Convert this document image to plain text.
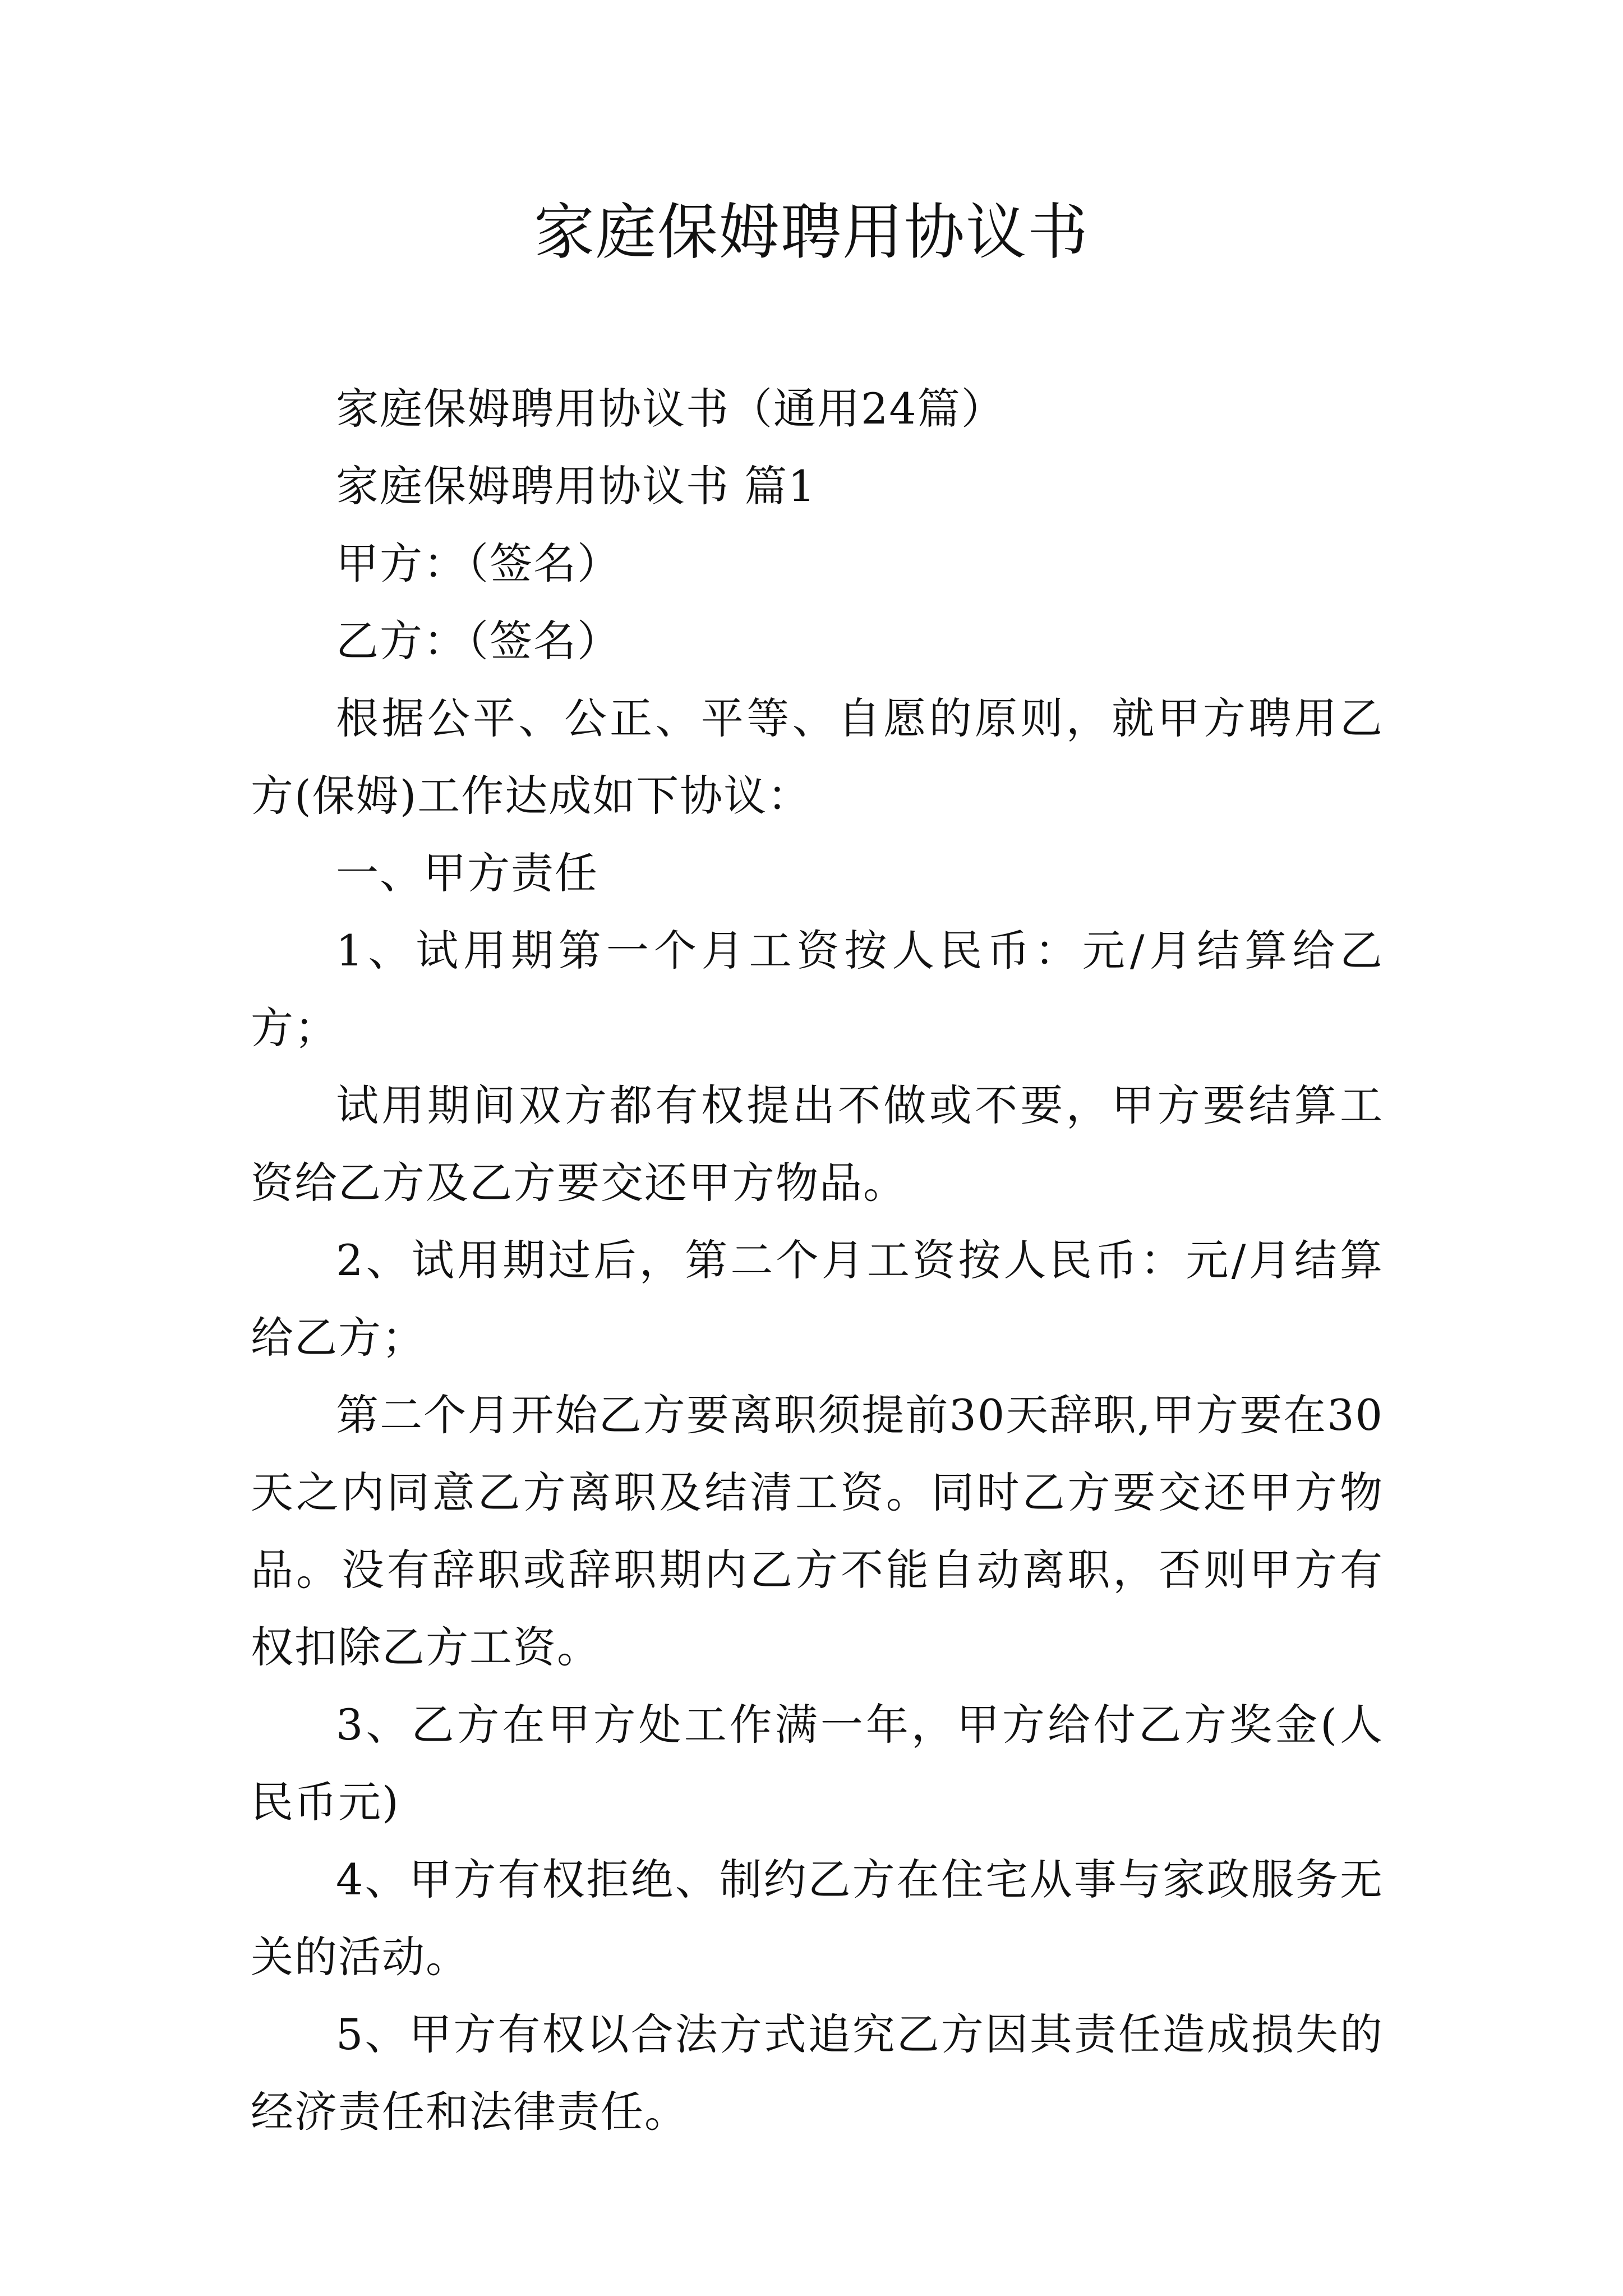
家庭保姆聘用协议书

家庭保姆聘用协议书（通用24篇）

家庭保姆聘用协议书 篇1

甲方：（签名）

乙方：（签名）

根据公平、公正、平等、自愿的原则，就甲方聘用乙方(保姆)工作达成如下协议：

一、甲方责任

1、试用期第一个月工资按人民币：元/月结算给乙方；

试用期间双方都有权提出不做或不要，甲方要结算工资给乙方及乙方要交还甲方物品。

2、试用期过后，第二个月工资按人民币：元/月结算给乙方；

第二个月开始乙方要离职须提前30天辞职,甲方要在30天之内同意乙方离职及结清工资。同时乙方要交还甲方物品。没有辞职或辞职期内乙方不能自动离职，否则甲方有权扣除乙方工资。

3、乙方在甲方处工作满一年，甲方给付乙方奖金(人民币元)

4、甲方有权拒绝、制约乙方在住宅从事与家政服务无关的活动。

5、甲方有权以合法方式追究乙方因其责任造成损失的经济责任和法律责任。
